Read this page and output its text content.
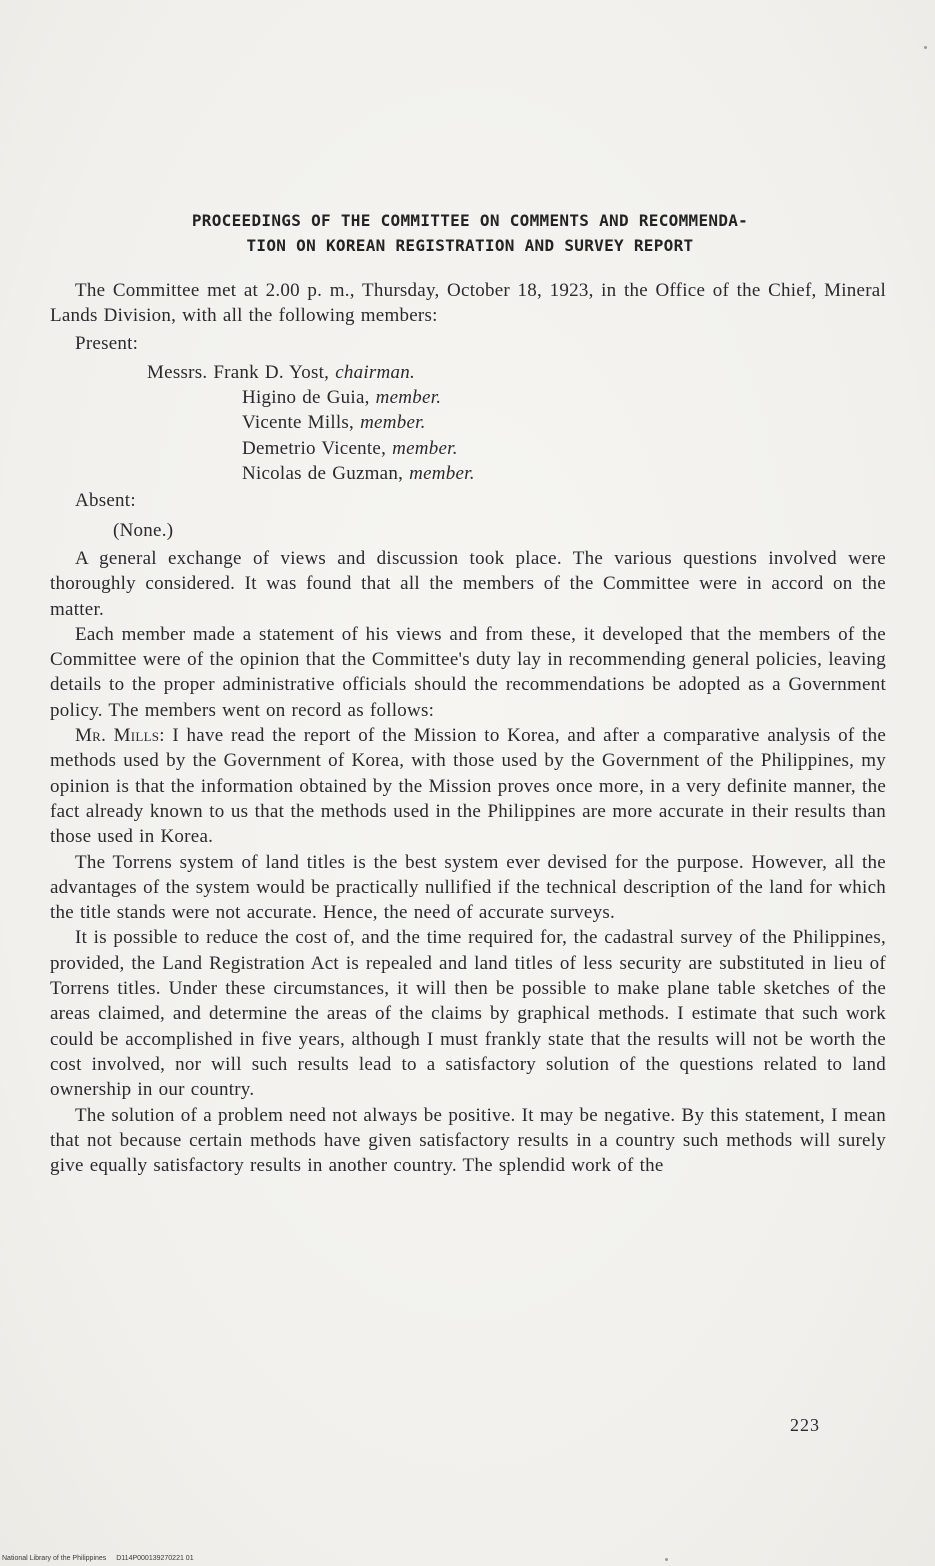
PROCEEDINGS OF THE COMMITTEE ON COMMENTS AND RECOMMENDA-
TION ON KOREAN REGISTRATION AND SURVEY REPORT

The Committee met at 2.00 p. m., Thursday, October 18, 1923, in the Office of the Chief, Mineral Lands Division, with all the following members:

Present:
Messrs. Frank D. Yost, chairman.
Higino de Guia, member.
Vicente Mills, member.
Demetrio Vicente, member.
Nicolas de Guzman, member.
Absent:
(None.)

A general exchange of views and discussion took place. The various questions involved were thoroughly considered. It was found that all the members of the Committee were in accord on the matter.

Each member made a statement of his views and from these, it developed that the members of the Committee were of the opinion that the Committee's duty lay in recommending general policies, leaving details to the proper administrative officials should the recommendations be adopted as a Government policy. The members went on record as follows:

Mr. Mills: I have read the report of the Mission to Korea, and after a comparative analysis of the methods used by the Government of Korea, with those used by the Government of the Philippines, my opinion is that the information obtained by the Mission proves once more, in a very definite manner, the fact already known to us that the methods used in the Philippines are more accurate in their results than those used in Korea.

The Torrens system of land titles is the best system ever devised for the purpose. However, all the advantages of the system would be practically nullified if the technical description of the land for which the title stands were not accurate. Hence, the need of accurate surveys.

It is possible to reduce the cost of, and the time required for, the cadastral survey of the Philippines, provided, the Land Registration Act is repealed and land titles of less security are substituted in lieu of Torrens titles. Under these circumstances, it will then be possible to make plane table sketches of the areas claimed, and determine the areas of the claims by graphical methods. I estimate that such work could be accomplished in five years, although I must frankly state that the results will not be worth the cost involved, nor will such results lead to a satisfactory solution of the questions related to land ownership in our country.

The solution of a problem need not always be positive. It may be negative. By this statement, I mean that not because certain methods have given satisfactory results in a country such methods will surely give equally satisfactory results in another country. The splendid work of the

223
National Library of the Philippines D114P000139270221 01
